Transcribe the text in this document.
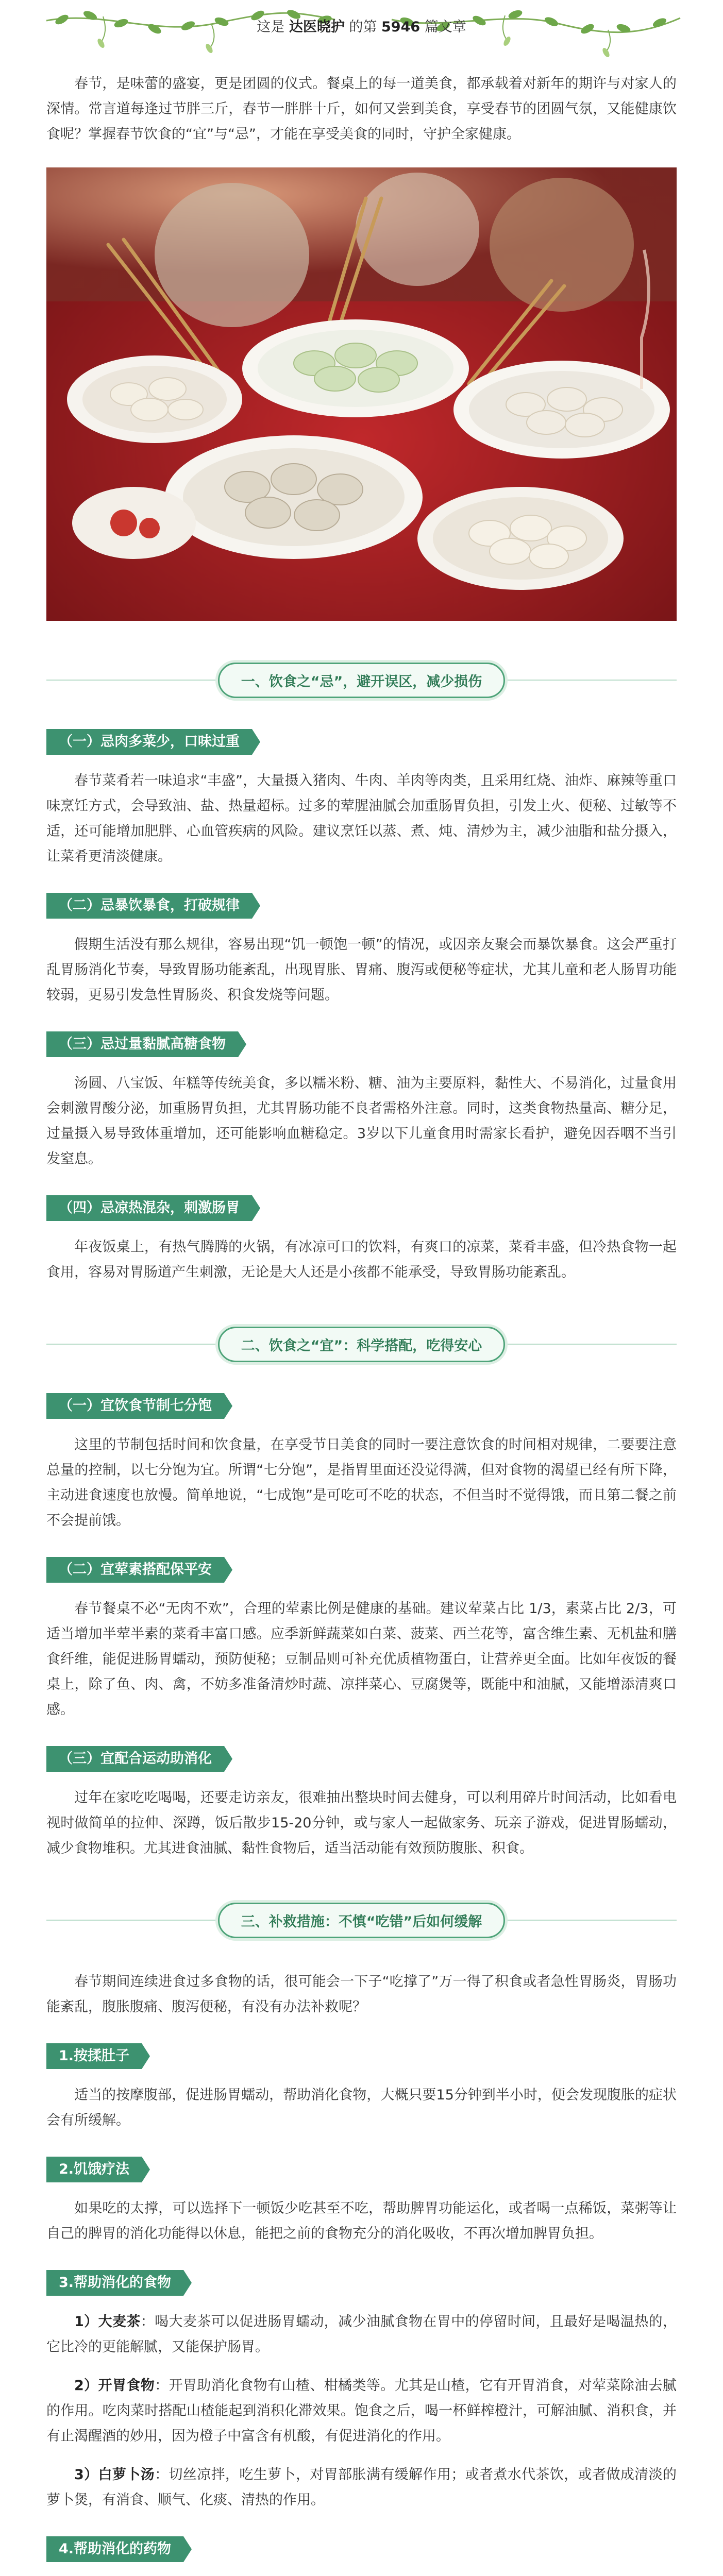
这是 达医晓护 的第 5946 篇文章

春节，是味蕾的盛宴，更是团圆的仪式。餐桌上的每一道美食，都承载着对新年的期许与对家人的深情。常言道每逢过节胖三斤，春节一胖胖十斤，如何又尝到美食，享受春节的团圆气氛，又能健康饮食呢？掌握春节饮食的“宜”与“忌”，才能在享受美食的同时，守护全家健康。

一、饮食之“忌”，避开误区，减少损伤
（一）忌肉多菜少，口味过重

春节菜肴若一味追求“丰盛”，大量摄入猪肉、牛肉、羊肉等肉类，且采用红烧、油炸、麻辣等重口味烹饪方式，会导致油、盐、热量超标。过多的荤腥油腻会加重肠胃负担，引发上火、便秘、过敏等不适，还可能增加肥胖、心血管疾病的风险。建议烹饪以蒸、煮、炖、清炒为主，减少油脂和盐分摄入，让菜肴更清淡健康。

（二）忌暴饮暴食，打破规律

假期生活没有那么规律，容易出现“饥一顿饱一顿”的情况，或因亲友聚会而暴饮暴食。这会严重打乱胃肠消化节奏，导致胃肠功能紊乱，出现胃胀、胃痛、腹泻或便秘等症状，尤其儿童和老人肠胃功能较弱，更易引发急性胃肠炎、积食发烧等问题。

（三）忌过量黏腻高糖食物

汤圆、八宝饭、年糕等传统美食，多以糯米粉、糖、油为主要原料，黏性大、不易消化，过量食用会刺激胃酸分泌，加重肠胃负担，尤其胃肠功能不良者需格外注意。同时，这类食物热量高、糖分足，过量摄入易导致体重增加，还可能影响血糖稳定。3岁以下儿童食用时需家长看护，避免因吞咽不当引发窒息。

（四）忌凉热混杂，刺激肠胃

年夜饭桌上，有热气腾腾的火锅，有冰凉可口的饮料，有爽口的凉菜，菜肴丰盛，但冷热食物一起食用，容易对胃肠道产生刺激，无论是大人还是小孩都不能承受，导致胃肠功能紊乱。

二、饮食之“宜”：科学搭配，吃得安心
（一）宜饮食节制七分饱

这里的节制包括时间和饮食量，在享受节日美食的同时一要注意饮食的时间相对规律，二要要注意总量的控制，以七分饱为宜。所谓“七分饱”，是指胃里面还没觉得满，但对食物的渴望已经有所下降，主动进食速度也放慢。简单地说，“七成饱”是可吃可不吃的状态，不但当时不觉得饿，而且第二餐之前不会提前饿。

（二）宜荤素搭配保平安

春节餐桌不必“无肉不欢”，合理的荤素比例是健康的基础。建议荤菜占比 1/3，素菜占比 2/3，可适当增加半荤半素的菜肴丰富口感。应季新鲜蔬菜如白菜、菠菜、西兰花等，富含维生素、无机盐和膳食纤维，能促进肠胃蠕动，预防便秘；豆制品则可补充优质植物蛋白，让营养更全面。比如年夜饭的餐桌上，除了鱼、肉、禽，不妨多准备清炒时蔬、凉拌菜心、豆腐煲等，既能中和油腻，又能增添清爽口感。

（三）宜配合运动助消化

过年在家吃吃喝喝，还要走访亲友，很难抽出整块时间去健身，可以利用碎片时间活动，比如看电视时做简单的拉伸、深蹲，饭后散步15-20分钟，或与家人一起做家务、玩亲子游戏，促进胃肠蠕动，减少食物堆积。尤其进食油腻、黏性食物后，适当活动能有效预防腹胀、积食。

三、补救措施：不慎“吃错”后如何缓解

春节期间连续进食过多食物的话，很可能会一下子“吃撑了”万一得了积食或者急性胃肠炎，胃肠功能紊乱，腹胀腹痛、腹泻便秘，有没有办法补救呢？

1.按揉肚子

适当的按摩腹部，促进肠胃蠕动，帮助消化食物，大概只要15分钟到半小时，便会发现腹胀的症状会有所缓解。

2.饥饿疗法

如果吃的太撑，可以选择下一顿饭少吃甚至不吃，帮助脾胃功能运化，或者喝一点稀饭，菜粥等让自己的脾胃的消化功能得以休息，能把之前的食物充分的消化吸收，不再次增加脾胃负担。

3.帮助消化的食物

1）大麦茶：喝大麦茶可以促进肠胃蠕动，减少油腻食物在胃中的停留时间，且最好是喝温热的，它比冷的更能解腻，又能保护肠胃。

2）开胃食物：开胃助消化食物有山楂、柑橘类等。尤其是山楂，它有开胃消食，对荤菜除油去腻的作用。吃肉菜时搭配山楂能起到消积化滞效果。饱食之后，喝一杯鲜榨橙汁，可解油腻、消积食，并有止渴醒酒的妙用，因为橙子中富含有机酸，有促进消化的作用。

3）白萝卜汤：切丝凉拌，吃生萝卜，对胃部胀满有缓解作用；或者煮水代茶饮，或者做成清淡的萝卜煲，有消食、顺气、化痰、清热的作用。

4.帮助消化的药物
